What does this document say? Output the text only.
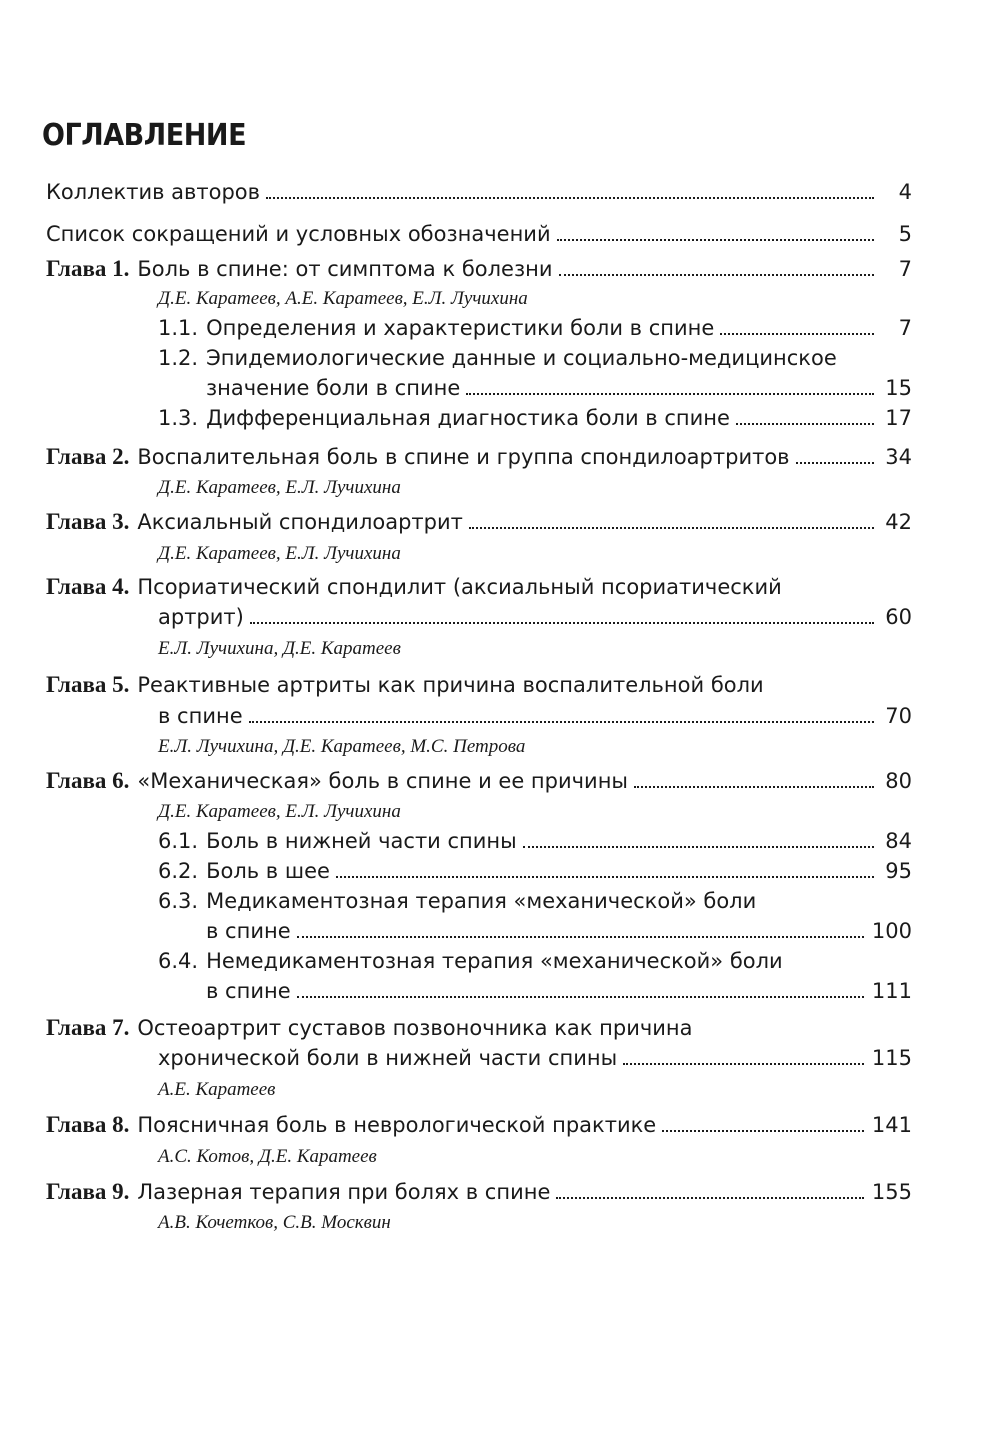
ОГЛАВЛЕНИЕ
Коллектив авторов	4
Список сокращений и условных обозначений	5
Глава 1. Боль в спине: от симптома к болезни	7
Д.Е. Каратеев, А.Е. Каратеев, Е.Л. Лучихина
1.1. Определения и характеристики боли в спине	7
1.2. Эпидемиологические данные и социально-медицинское
значение боли в спине	15
1.3. Дифференциальная диагностика боли в спине	17
Глава 2. Воспалительная боль в спине и группа спондилоартритов	34
Д.Е. Каратеев, Е.Л. Лучихина
Глава 3. Аксиальный спондилоартрит	42
Д.Е. Каратеев, Е.Л. Лучихина
Глава 4. Псориатический спондилит (аксиальный псориатический
артрит)	60
Е.Л. Лучихина, Д.Е. Каратеев
Глава 5. Реактивные артриты как причина воспалительной боли
в спине	70
Е.Л. Лучихина, Д.Е. Каратеев, М.С. Петрова
Глава 6. «Механическая» боль в спине и ее причины	80
Д.Е. Каратеев, Е.Л. Лучихина
6.1. Боль в нижней части спины	84
6.2. Боль в шее	95
6.3. Медикаментозная терапия «механической» боли
в спине	100
6.4. Немедикаментозная терапия «механической» боли
в спине	111
Глава 7. Остеоартрит суставов позвоночника как причина
хронической боли в нижней части спины	115
А.Е. Каратеев
Глава 8. Поясничная боль в неврологической практике	141
А.С. Котов, Д.Е. Каратеев
Глава 9. Лазерная терапия при болях в спине	155
А.В. Кочетков, С.В. Москвин
